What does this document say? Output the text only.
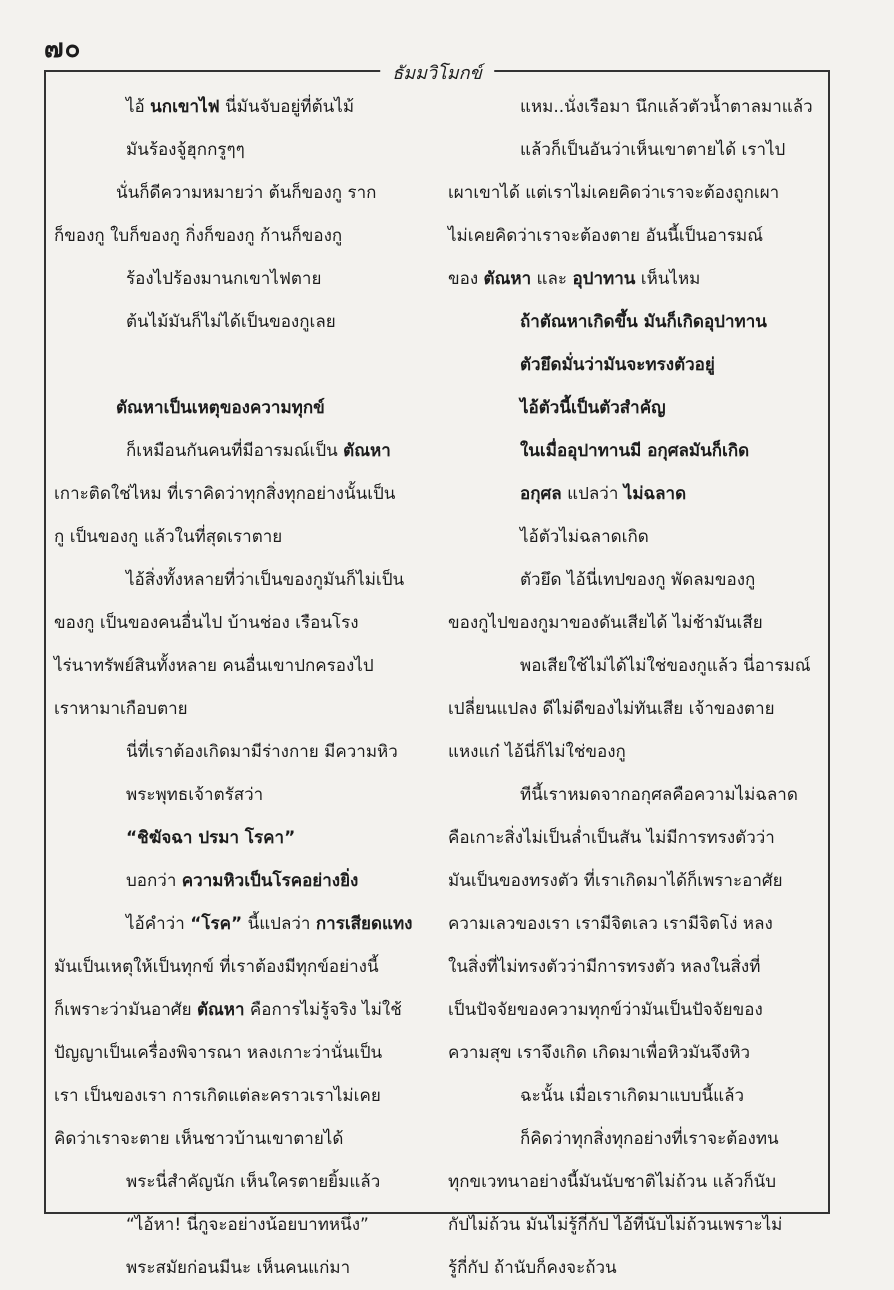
๗๐
ธัมมวิโมกข์
ไอ้ นกเขาไฟ นี่มันจับอยู่ที่ต้นไม้
มันร้องจู้ฮุกกรูๆๆ
นั่นก็ดีความหมายว่า ต้นก็ของกู ราก
ก็ของกู ใบก็ของกู กิ่งก็ของกู ก้านก็ของกู
ร้องไปร้องมานกเขาไฟตาย
ต้นไม้มันก็ไม่ได้เป็นของกูเลย
ตัณหาเป็นเหตุของความทุกข์
ก็เหมือนกันคนที่มีอารมณ์เป็น ตัณหา
เกาะติดใช่ไหม ที่เราคิดว่าทุกสิ่งทุกอย่างนั้นเป็น
กู เป็นของกู แล้วในที่สุดเราตาย
ไอ้สิ่งทั้งหลายที่ว่าเป็นของกูมันก็ไม่เป็น
ของกู เป็นของคนอื่นไป บ้านช่อง เรือนโรง
ไร่นาทรัพย์สินทั้งหลาย คนอื่นเขาปกครองไป
เราหามาเกือบตาย
นี่ที่เราต้องเกิดมามีร่างกาย มีความหิว
พระพุทธเจ้าตรัสว่า
“ชิฆัจฉา ปรมา โรคา”
บอกว่า ความหิวเป็นโรคอย่างยิ่ง
ไอ้คำว่า “โรค” นี้แปลว่า การเสียดแทง
มันเป็นเหตุให้เป็นทุกข์ ที่เราต้องมีทุกข์อย่างนี้
ก็เพราะว่ามันอาศัย ตัณหา คือการไม่รู้จริง ไม่ใช้
ปัญญาเป็นเครื่องพิจารณา หลงเกาะว่านั่นเป็น
เรา เป็นของเรา การเกิดแต่ละคราวเราไม่เคย
คิดว่าเราจะตาย เห็นชาวบ้านเขาตายได้
พระนี่สำคัญนัก เห็นใครตายยิ้มแล้ว
“ไอ้หา! นี่กูจะอย่างน้อยบาทหนึ่ง”
พระสมัยก่อนมีนะ เห็นคนแก่มา
แหม..นั่งเรือมา นึกแล้วตัวน้ำตาลมาแล้ว
แล้วก็เป็นอันว่าเห็นเขาตายได้ เราไป
เผาเขาได้ แต่เราไม่เคยคิดว่าเราจะต้องถูกเผา
ไม่เคยคิดว่าเราจะต้องตาย อันนี้เป็นอารมณ์
ของ ตัณหา และ อุปาทาน เห็นไหม
ถ้าตัณหาเกิดขึ้น มันก็เกิดอุปาทาน
ตัวยึดมั่นว่ามันจะทรงตัวอยู่
ไอ้ตัวนี้เป็นตัวสำคัญ
ในเมื่ออุปาทานมี อกุศลมันก็เกิด
อกุศล แปลว่า ไม่ฉลาด
ไอ้ตัวไม่ฉลาดเกิด
ตัวยึด ไอ้นี่เทปของกู พัดลมของกู
ของกูไปของกูมาของดันเสียได้ ไม่ช้ามันเสีย
พอเสียใช้ไม่ได้ไม่ใช่ของกูแล้ว นี่อารมณ์
เปลี่ยนแปลง ดีไม่ดีของไม่ทันเสีย เจ้าของตาย
แหงแก๋ ไอ้นี่ก็ไม่ใช่ของกู
ทีนี้เราหมดจากอกุศลคือความไม่ฉลาด
คือเกาะสิ่งไม่เป็นล่ำเป็นสัน ไม่มีการทรงตัวว่า
มันเป็นของทรงตัว ที่เราเกิดมาได้ก็เพราะอาศัย
ความเลวของเรา เรามีจิตเลว เรามีจิตโง่ หลง
ในสิ่งที่ไม่ทรงตัวว่ามีการทรงตัว หลงในสิ่งที่
เป็นปัจจัยของความทุกข์ว่ามันเป็นปัจจัยของ
ความสุข เราจึงเกิด เกิดมาเพื่อหิวมันจึงหิว
ฉะนั้น เมื่อเราเกิดมาแบบนี้แล้ว
ก็คิดว่าทุกสิ่งทุกอย่างที่เราจะต้องทน
ทุกขเวทนาอย่างนี้มันนับชาติไม่ถ้วน แล้วก็นับ
กัปไม่ถ้วน มันไม่รู้กี่กัป ไอ้ที่นับไม่ถ้วนเพราะไม่
รู้กี่กัป ถ้านับก็คงจะถ้วน
